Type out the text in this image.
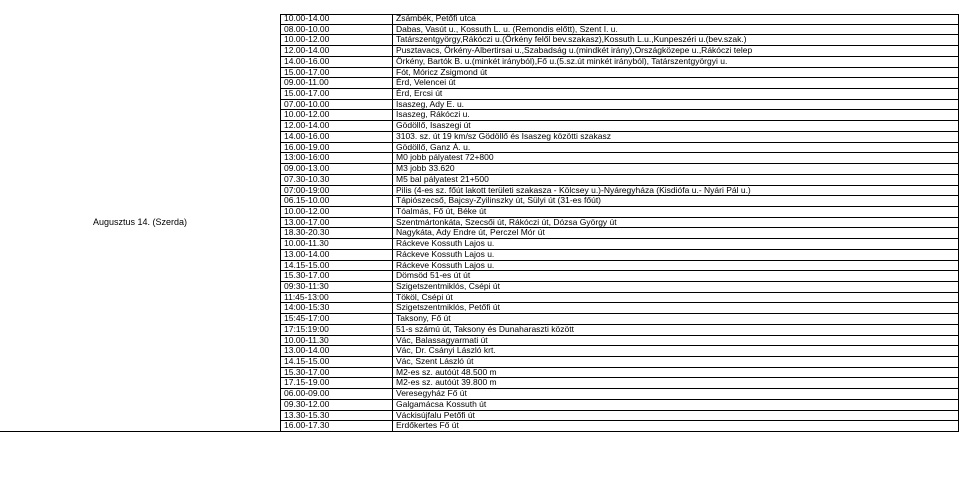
Augusztus 14. (Szerda)	10.00-14.00	Zsámbék, Petőfi utca
	08.00-10.00	Dabas, Vasút u., Kossuth L. u. (Remondis előtt), Szent I. u.
	10.00-12.00	Tatárszentgyörgy,Rákóczi u.(Örkény felől bev.szakasz),Kossuth L.u.,Kunpeszéri u.(bev.szak.)
	12.00-14.00	Pusztavacs, Örkény-Albertirsai u.,Szabadság u.(mindkét irány),Országközepe u.,Rákóczi telep
	14.00-16.00	Örkény, Bartók B. u.(minkét irányból),Fő u.(5.sz.út minkét irányból), Tatárszentgyörgyi u.
	15.00-17.00	Fót, Móricz Zsigmond út
	09.00-11.00	Érd, Velencei út
	15.00-17.00	Érd, Ercsi út
	07.00-10.00	Isaszeg, Ady E. u.
	10.00-12.00	Isaszeg, Rákóczi u.
	12.00-14.00	Gödöllő, Isaszegi út
	14.00-16.00	3103. sz. út 19 km/sz Gödöllő és Isaszeg közötti szakasz
	16.00-19.00	Gödöllő, Ganz Á. u.
	13:00-16:00	M0 jobb pályatest 72+800
	09.00-13.00	M3 jobb 33.620
	07.30-10.30	M5 bal pályatest 21+500
	07:00-19:00	Pilis (4-es sz. főút lakott területi szakasza - Kölcsey u.)-Nyáregyháza (Kisdiófa u.- Nyári Pál u.)
	06.15-10.00	Tápiószecső, Bajcsy-Zyilinszky út, Sülyi út (31-es főút)
	10.00-12.00	Tóalmás, Fő út, Béke út
	13.00-17.00	Szentmártonkáta, Szecsői út, Rákóczi út, Dózsa György út
	18.30-20.30	Nagykáta, Ady Endre út, Perczel Mór út
	10.00-11.30	Ráckeve Kossuth Lajos u.
	13.00-14.00	Ráckeve Kossuth Lajos u.
	14.15-15.00	Ráckeve Kossuth Lajos u.
	15.30-17.00	Dömsöd 51-es út út
	09:30-11:30	Szigetszentmiklós, Csépi út
	11:45-13:00	Tököl, Csépi út
	14:00-15:30	Szigetszentmiklós, Petőfi út
	15:45-17:00	Taksony, Fő út
	17:15:19:00	51-s számú út, Taksony és Dunaharaszti között
	10.00-11.30	Vác, Balassagyarmati út
	13.00-14.00	Vác, Dr. Csányi László krt.
	14.15-15.00	Vác, Szent László út
	15.30-17.00	M2-es sz. autóút 48.500 m
	17.15-19.00	M2-es sz. autóút 39.800 m
	06.00-09.00	Veresegyház Fő út
	09.30-12.00	Galgamácsa Kossuth út
	13.30-15.30	Váckisújfalu Petőfi út
	16.00-17.30	Erdőkertes Fő út
